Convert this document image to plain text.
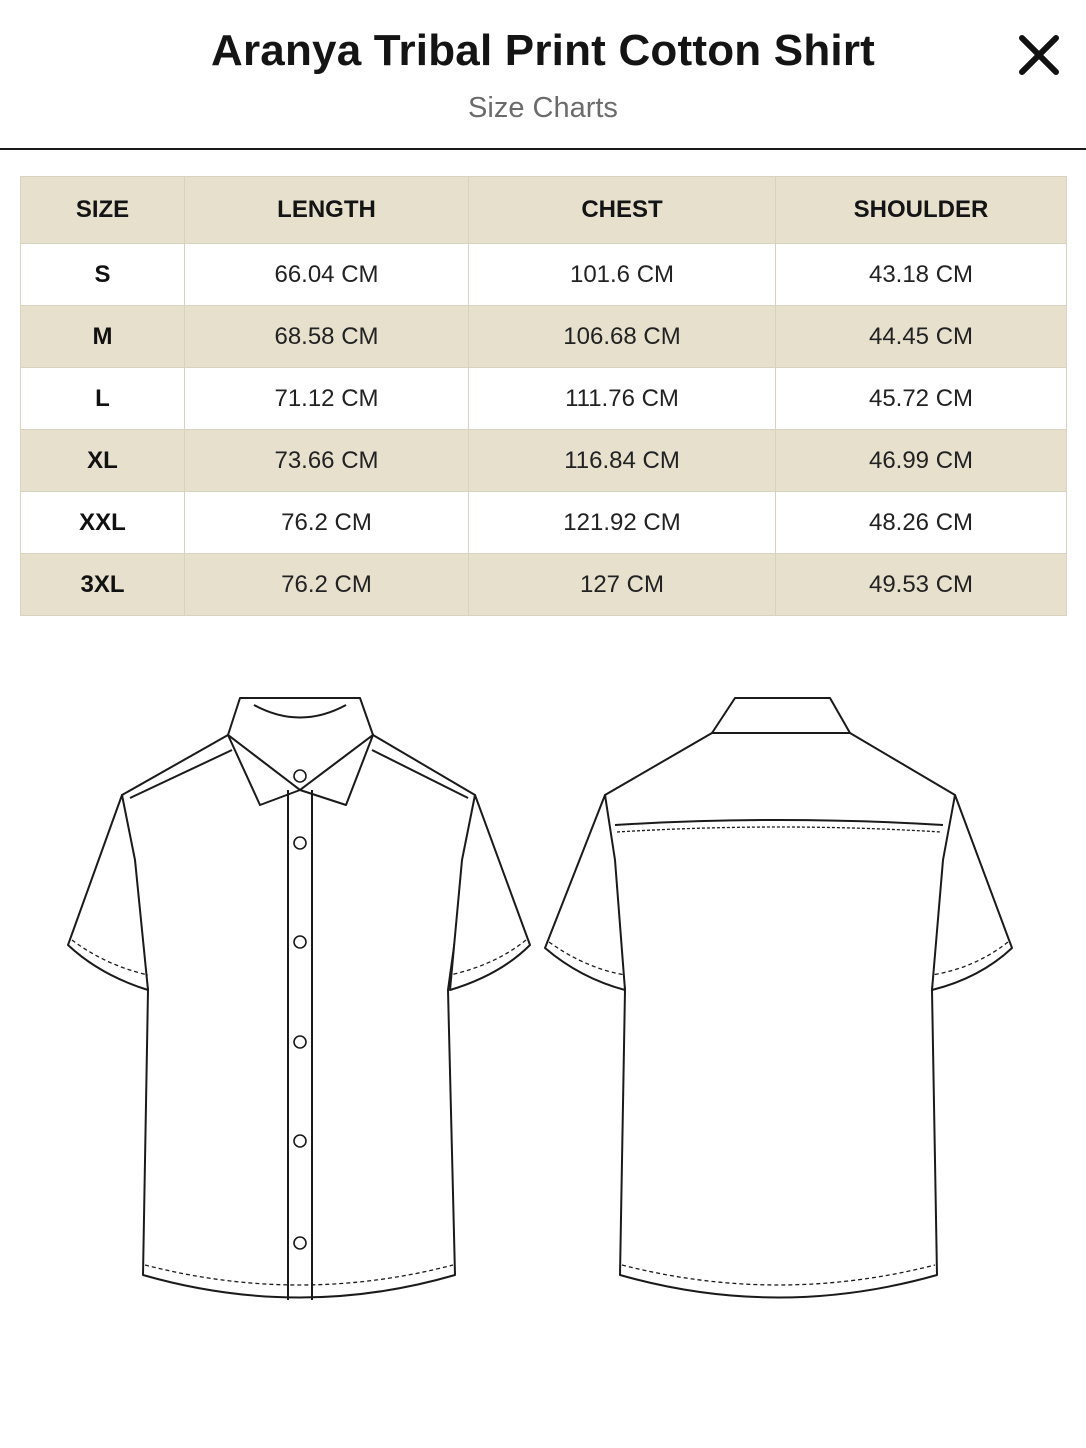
Aranya Tribal Print Cotton Shirt
Size Charts
SIZE	LENGTH	CHEST	SHOULDER
S	66.04 CM	101.6 CM	43.18 CM
M	68.58 CM	106.68 CM	44.45 CM
L	71.12 CM	111.76 CM	45.72 CM
XL	73.66 CM	116.84 CM	46.99 CM
XXL	76.2 CM	121.92 CM	48.26 CM
3XL	76.2 CM	127 CM	49.53 CM
